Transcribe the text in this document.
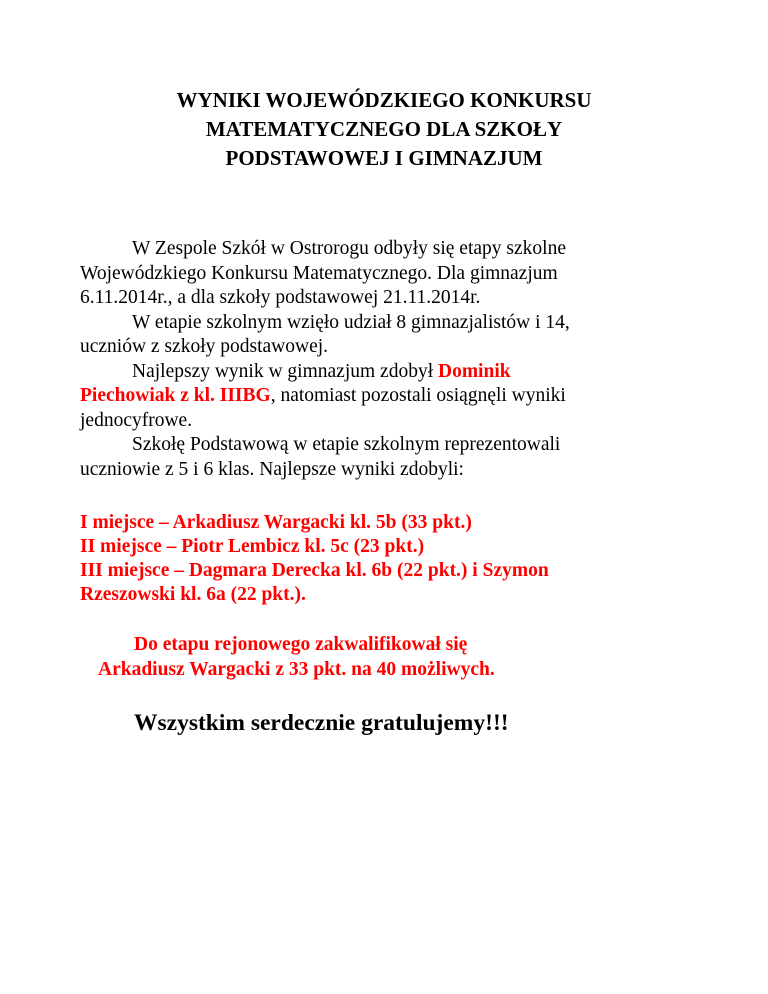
WYNIKI WOJEWÓDZKIEGO KONKURSU
MATEMATYCZNEGO DLA SZKOŁY
PODSTAWOWEJ I GIMNAZJUM
W Zespole Szkół w Ostrorogu odbyły się etapy szkolne
Wojewódzkiego Konkursu Matematycznego. Dla gimnazjum
6.11.2014r., a dla szkoły podstawowej 21.11.2014r.
W etapie szkolnym wzięło udział 8 gimnazjalistów i 14,
uczniów z szkoły podstawowej.
Najlepszy wynik w gimnazjum zdobył Dominik
Piechowiak z kl. IIIBG, natomiast pozostali osiągnęli wyniki
jednocyfrowe.
Szkołę Podstawową w etapie szkolnym reprezentowali
uczniowie z 5 i 6 klas. Najlepsze wyniki zdobyli:
I miejsce – Arkadiusz Wargacki kl. 5b (33 pkt.)
II miejsce – Piotr Lembicz kl. 5c (23 pkt.)
III miejsce – Dagmara Derecka kl. 6b (22 pkt.) i Szymon
Rzeszowski kl. 6a (22 pkt.).
Do etapu rejonowego zakwalifikował się
Arkadiusz Wargacki z 33 pkt. na 40 możliwych.
Wszystkim serdecznie gratulujemy!!!
